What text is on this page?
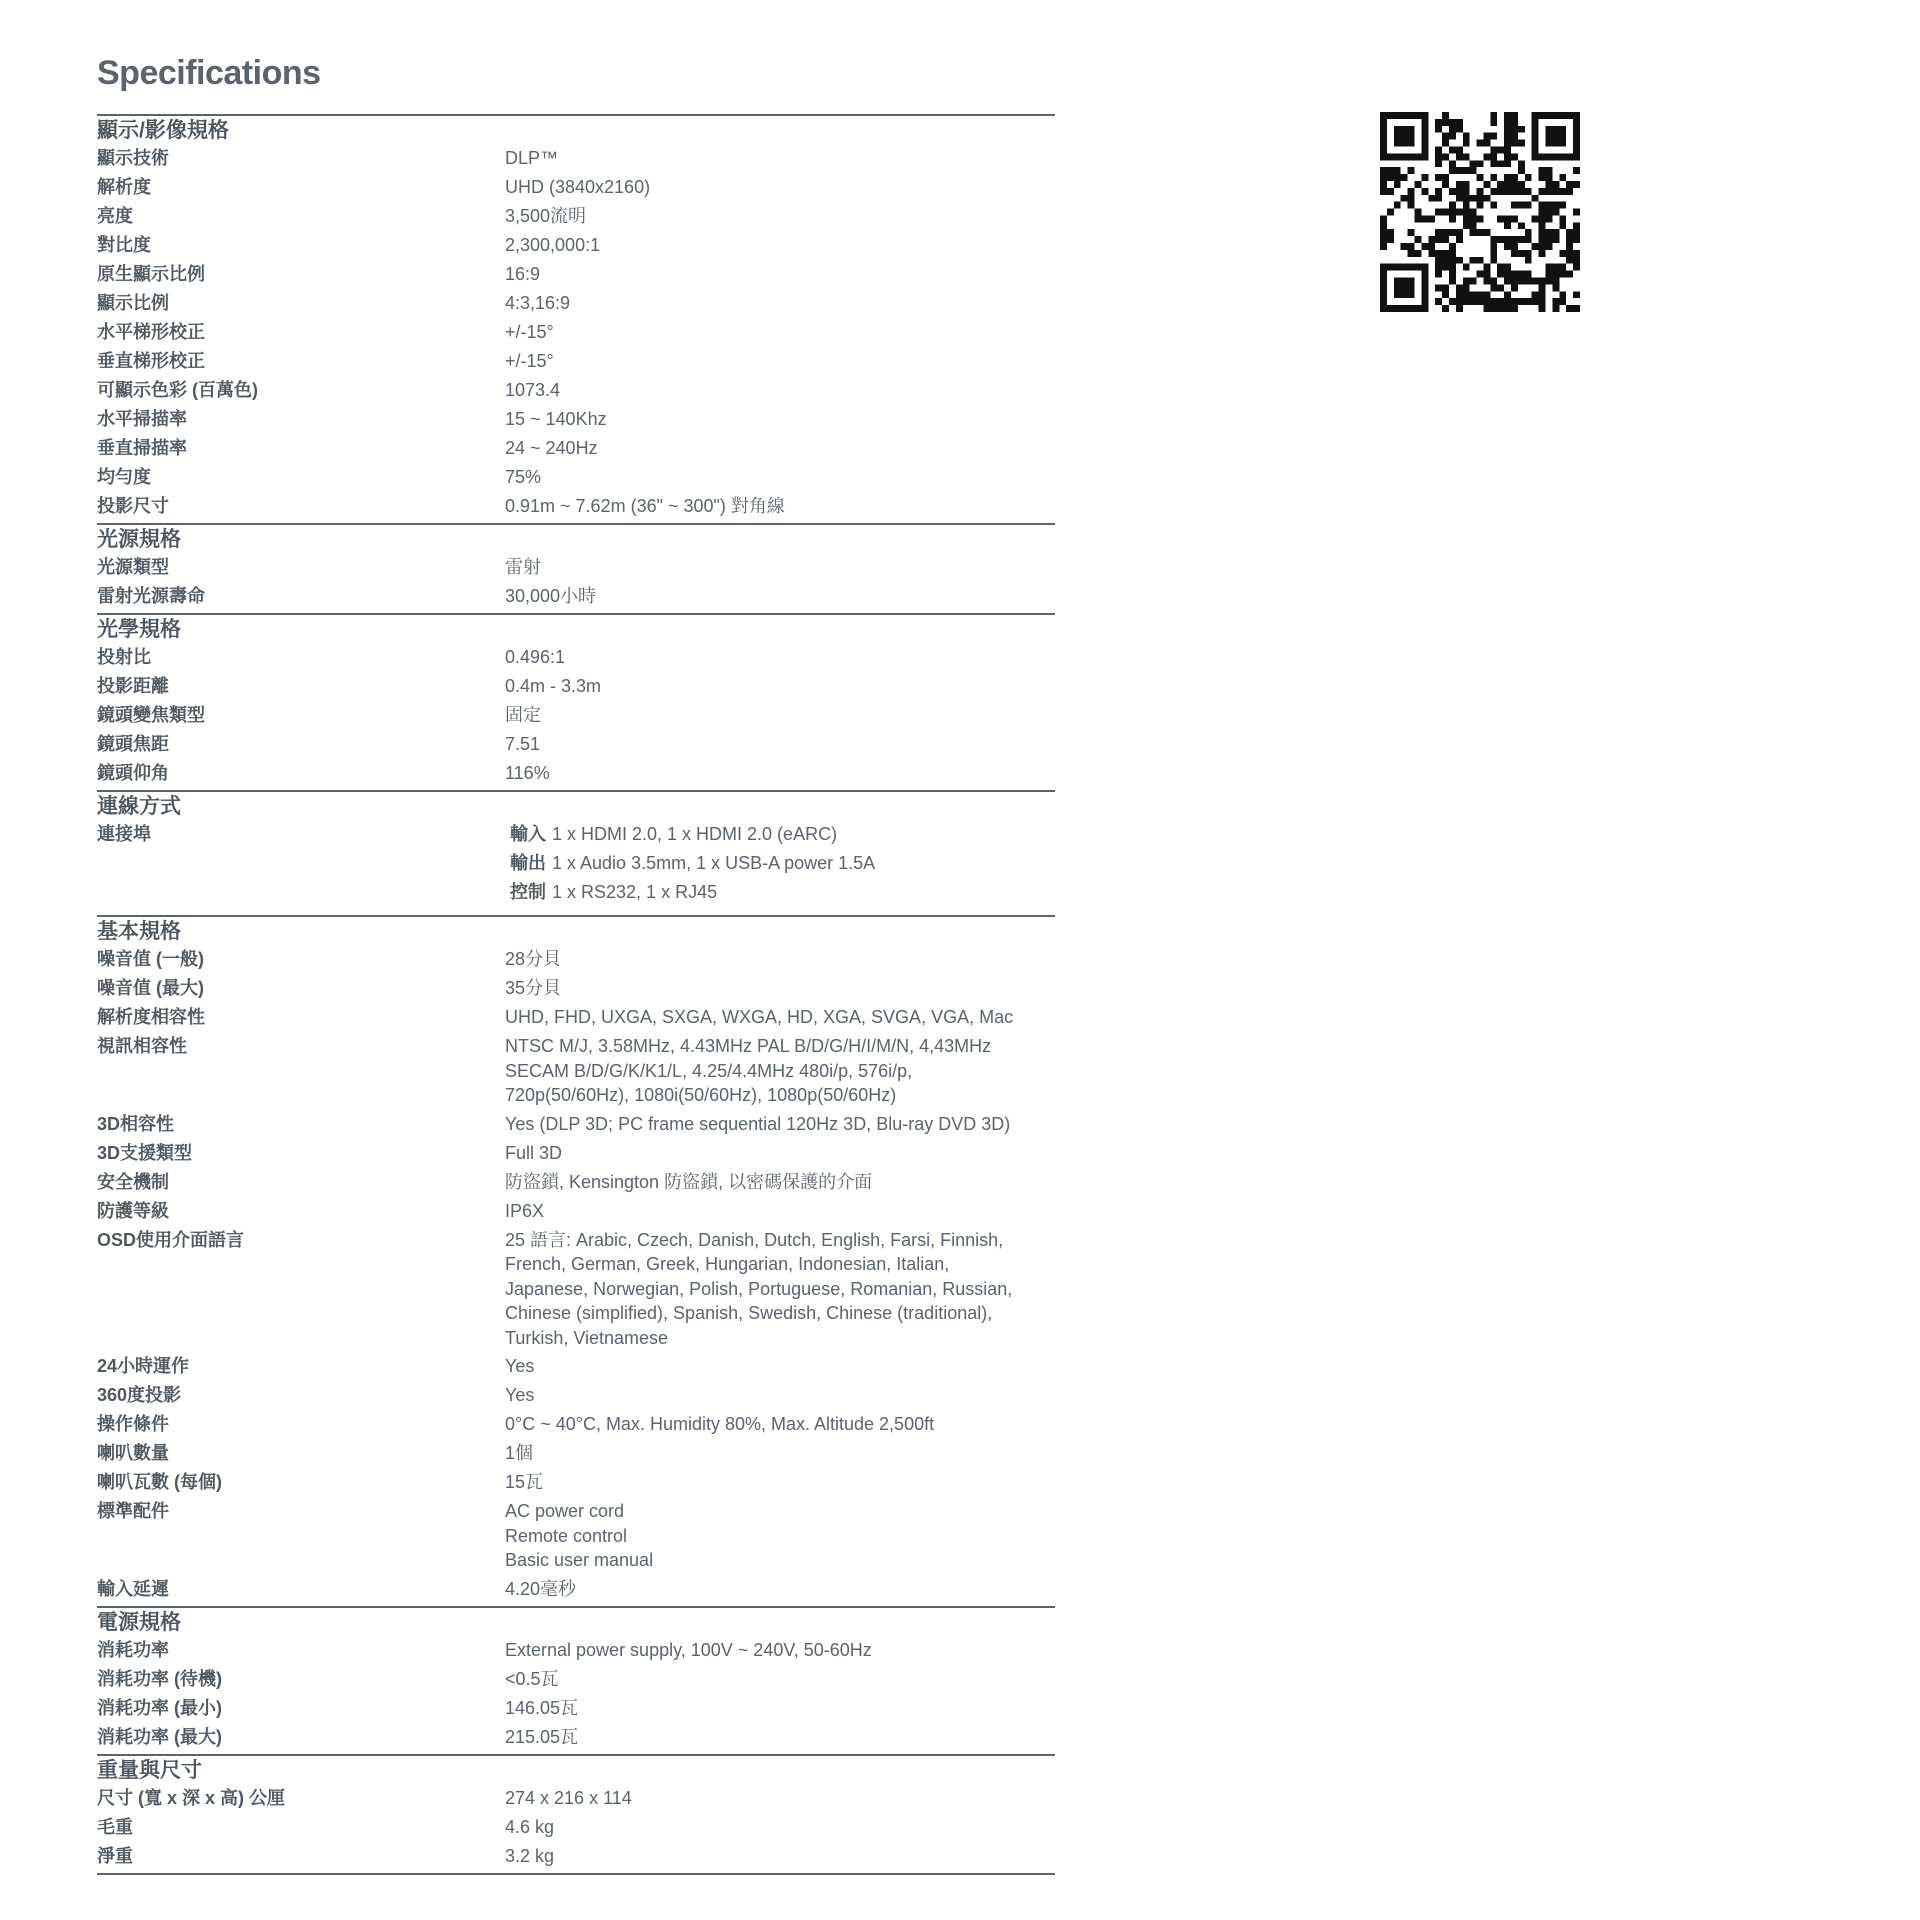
Specifications
顯示/影像規格
顯示技術	DLP™
解析度	UHD (3840x2160)
亮度	3,500流明
對比度	2,300,000:1
原生顯示比例	16:9
顯示比例	4:3,16:9
水平梯形校正	+/-15°
垂直梯形校正	+/-15°
可顯示色彩 (百萬色)	1073.4
水平掃描率	15 ~ 140Khz
垂直掃描率	24 ~ 240Hz
均勻度	75%
投影尺寸	0.91m ~ 7.62m (36" ~ 300") 對角線
光源規格
光源類型	雷射
雷射光源壽命	30,000小時
光學規格
投射比	0.496:1
投影距離	0.4m - 3.3m
鏡頭變焦類型	固定
鏡頭焦距	7.51
鏡頭仰角	116%
連線方式
連接埠	輸入 1 x HDMI 2.0, 1 x HDMI 2.0 (eARC)
輸出 1 x Audio 3.5mm, 1 x USB-A power 1.5A
控制 1 x RS232, 1 x RJ45
基本規格
噪音值 (一般)	28分貝
噪音值 (最大)	35分貝
解析度相容性	UHD, FHD, UXGA, SXGA, WXGA, HD, XGA, SVGA, VGA, Mac
視訊相容性	NTSC M/J, 3.58MHz, 4.43MHz PAL B/D/G/H/I/M/N, 4,43MHz
SECAM B/D/G/K/K1/L, 4.25/4.4MHz 480i/p, 576i/p,
720p(50/60Hz), 1080i(50/60Hz), 1080p(50/60Hz)
3D相容性	Yes (DLP 3D; PC frame sequential 120Hz 3D, Blu-ray DVD 3D)
3D支援類型	Full 3D
安全機制	防盜鎖, Kensington 防盜鎖, 以密碼保護的介面
防護等級	IP6X
OSD使用介面語言	25 語言: Arabic, Czech, Danish, Dutch, English, Farsi, Finnish,
French, German, Greek, Hungarian, Indonesian, Italian,
Japanese, Norwegian, Polish, Portuguese, Romanian, Russian,
Chinese (simplified), Spanish, Swedish, Chinese (traditional),
Turkish, Vietnamese
24小時運作	Yes
360度投影	Yes
操作條件	0°C ~ 40°C, Max. Humidity 80%, Max. Altitude 2,500ft
喇叭數量	1個
喇叭瓦數 (每個)	15瓦
標準配件	AC power cord
Remote control
Basic user manual
輸入延遲	4.20毫秒
電源規格
消耗功率	External power supply, 100V ~ 240V, 50-60Hz
消耗功率 (待機)	<0.5瓦
消耗功率 (最小)	146.05瓦
消耗功率 (最大)	215.05瓦
重量與尺寸
尺寸 (寬 x 深 x 高) 公厘	274 x 216 x 114
毛重	4.6 kg
淨重	3.2 kg
